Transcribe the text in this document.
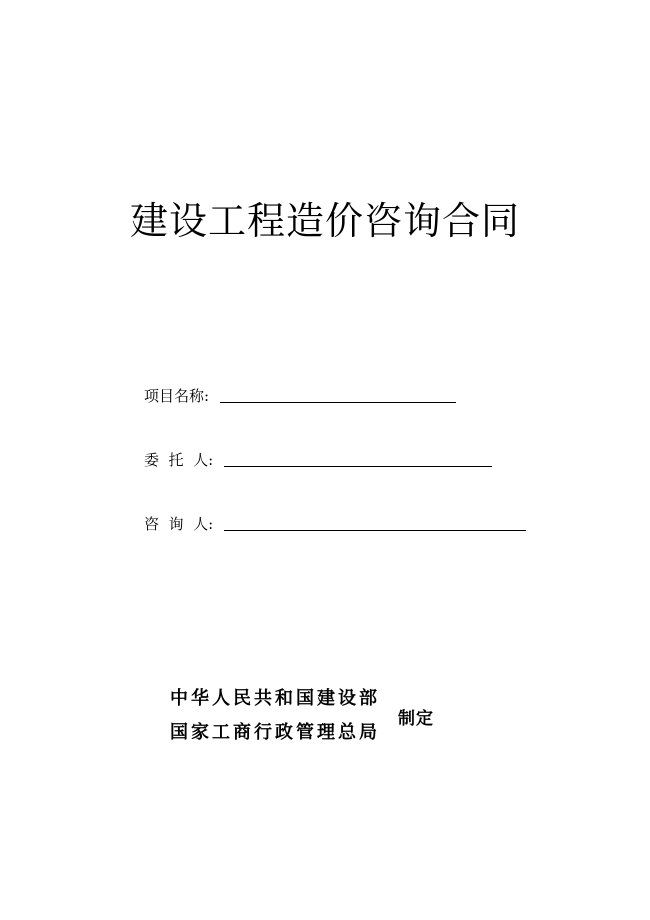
建设工程造价咨询合同
项目名称:
委  托  人:
咨  询  人:
中华人民共和国建设部
国家工商行政管理总局
制定
